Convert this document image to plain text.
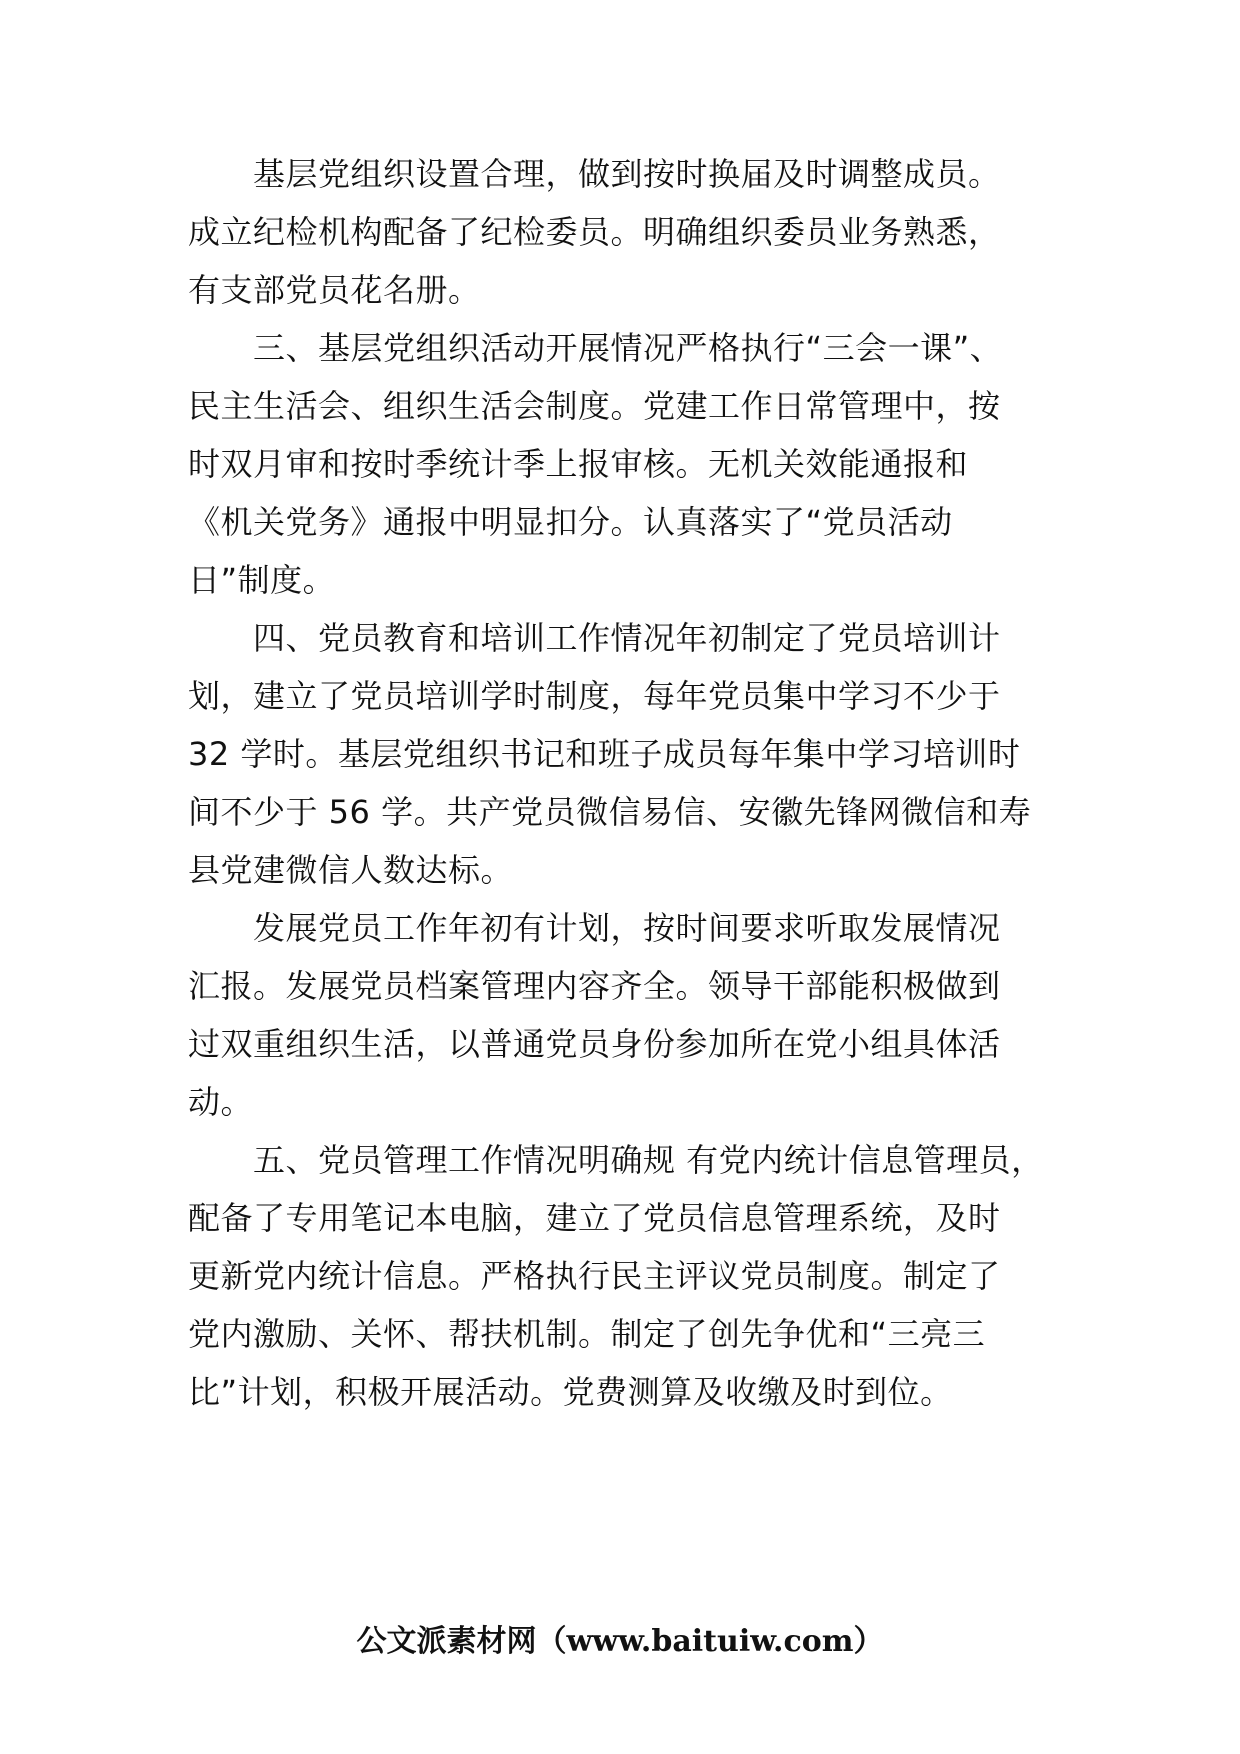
　　基层党组织设置合理，做到按时换届及时调整成员。
成立纪检机构配备了纪检委员。明确组织委员业务熟悉，
有支部党员花名册。
　　三、基层党组织活动开展情况严格执行“三会一课”、
民主生活会、组织生活会制度。党建工作日常管理中，按
时双月审和按时季统计季上报审核。无机关效能通报和
《机关党务》通报中明显扣分。认真落实了“党员活动
日”制度。
　　四、党员教育和培训工作情况年初制定了党员培训计
划，建立了党员培训学时制度，每年党员集中学习不少于
32 学时。基层党组织书记和班子成员每年集中学习培训时
间不少于 56 学。共产党员微信易信、安徽先锋网微信和寿
县党建微信人数达标。
　　发展党员工作年初有计划，按时间要求听取发展情况
汇报。发展党员档案管理内容齐全。领导干部能积极做到
过双重组织生活，以普通党员身份参加所在党小组具体活
动。
　　五、党员管理工作情况明确规 有党内统计信息管理员，
配备了专用笔记本电脑，建立了党员信息管理系统，及时
更新党内统计信息。严格执行民主评议党员制度。制定了
党内激励、关怀、帮扶机制。制定了创先争优和“三亮三
比”计划，积极开展活动。党费测算及收缴及时到位。
公文派素材网（www.baituiw.com）
